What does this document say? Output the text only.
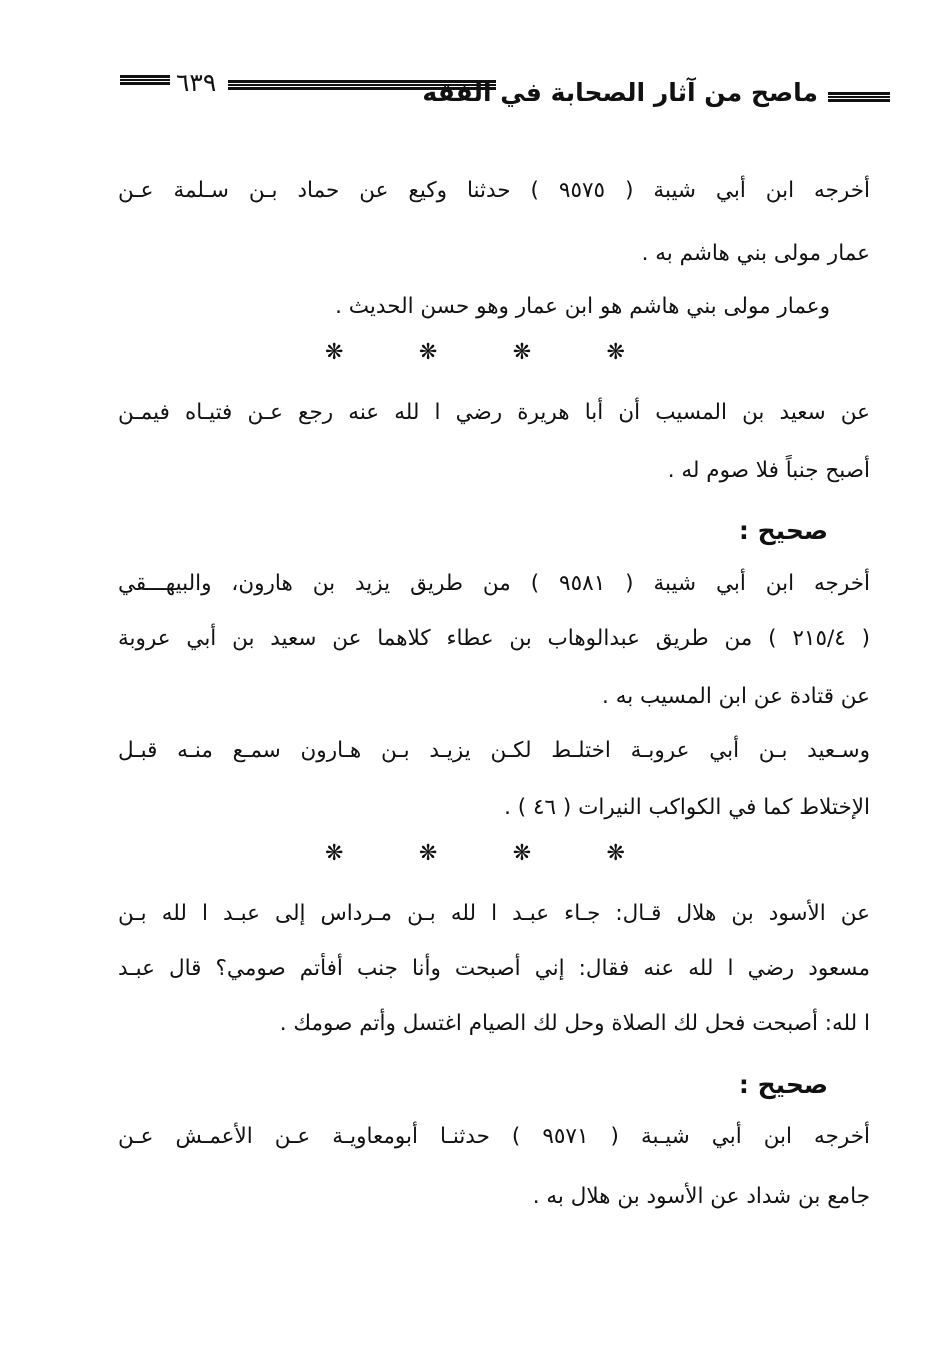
ماصح من آثار الصحابة في الفقه
٦٣٩
أخرجه ابن أبي شيبة ( ٩٥٧٥ ) حدثنا وكيع عن حماد بـن سـلمة عـن
عمار مولى بني هاشم به .
وعمار مولى بني هاشم هو ابن عمار وهو حسن الحديث .
❋	❋	❋	❋
عن سعيد بن المسيب أن أبا هريرة رضي ا لله عنه رجع عـن فتيـاه فيمـن
أصبح جنباً فلا صوم له .
صحيح :
أخرجه ابن أبي شيبة ( ٩٥٨١ ) من طريق يزيد بن هارون، والبيهـــقي
( ٢١٥/٤ ) من طريق عبدالوهاب بن عطاء كلاهما عن سعيد بن أبي عروبة
عن قتادة عن ابن المسيب به .
وسـعيد بـن أبي عروبـة اختلـط لكـن يزيـد بـن هـارون سمـع منـه قبـل
الإختلاط كما في الكواكب النيرات ( ٤٦ ) .
❋	❋	❋	❋
عن الأسود بن هلال قـال: جـاء عبـد ا لله بـن مـرداس إلى عبـد ا لله بـن
مسعود رضي ا لله عنه فقال: إني أصبحت وأنا جنب أفأتم صومي؟ قال عبـد
ا لله: أصبحت فحل لك الصلاة وحل لك الصيام اغتسل وأتم صومك .
صحيح :
أخرجه ابن أبي شيـبة ( ٩٥٧١ ) حدثنـا أبومعاويـة عـن الأعمـش عـن
جامع بن شداد عن الأسود بن هلال به .
